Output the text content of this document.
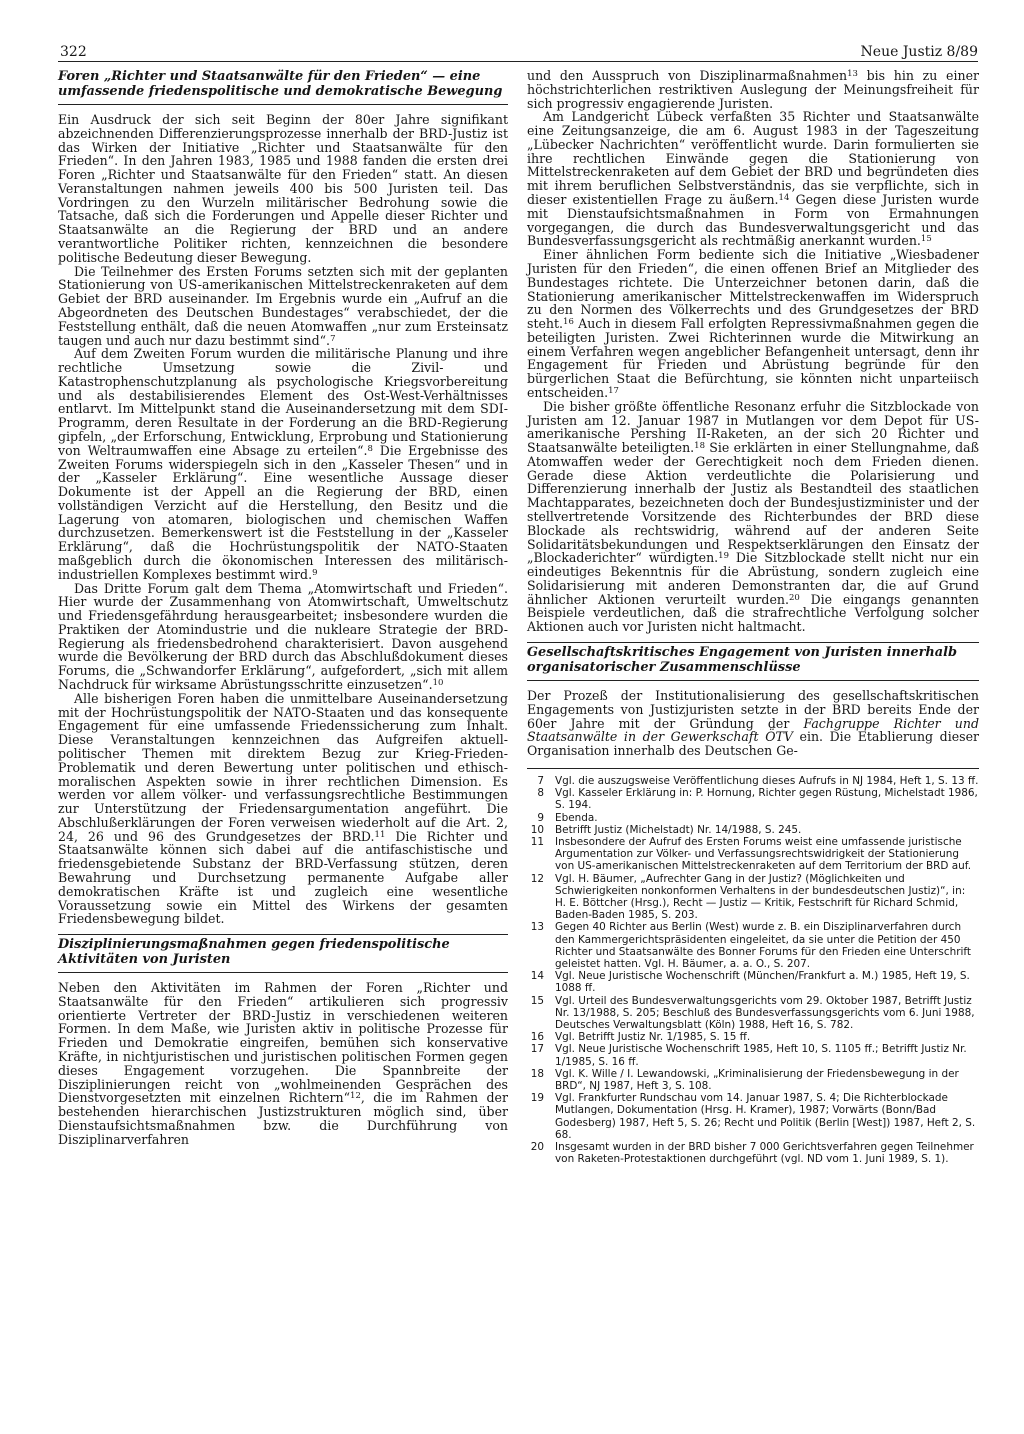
322	Neue Justiz 8/89
Foren „Richter und Staatsanwälte für den Frieden“ — eine umfassende friedenspolitische und demokratische Bewegung

Ein Ausdruck der sich seit Beginn der 80er Jahre signifikant abzeichnenden Differenzierungsprozesse innerhalb der BRD-Justiz ist das Wirken der Initiative „Richter und Staatsanwälte für den Frieden“. In den Jahren 1983, 1985 und 1988 fanden die ersten drei Foren „Richter und Staatsanwälte für den Frieden“ statt. An diesen Veranstaltungen nahmen jeweils 400 bis 500 Juristen teil. Das Vordringen zu den Wurzeln militärischer Bedrohung sowie die Tatsache, daß sich die Forderungen und Appelle dieser Richter und Staatsanwälte an die Regierung der BRD und an andere verantwortliche Politiker richten, kennzeichnen die besondere politische Bedeutung dieser Bewegung.

Die Teilnehmer des Ersten Forums setzten sich mit der geplanten Stationierung von US-amerikanischen Mittelstreckenraketen auf dem Gebiet der BRD auseinander. Im Ergebnis wurde ein „Aufruf an die Abgeordneten des Deutschen Bundestages“ verabschiedet, der die Feststellung enthält, daß die neuen Atomwaffen „nur zum Ersteinsatz taugen und auch nur dazu bestimmt sind“.$^7$

Auf dem Zweiten Forum wurden die militärische Planung und ihre rechtliche Umsetzung sowie die Zivil- und Katastrophenschutzplanung als psychologische Kriegsvorbereitung und als destabilisierendes Element des Ost-West-Verhältnisses entlarvt. Im Mittelpunkt stand die Auseinandersetzung mit dem SDI-Programm, deren Resultate in der Forderung an die BRD-Regierung gipfeln, „der Erforschung, Entwicklung, Erprobung und Stationierung von Weltraumwaffen eine Absage zu erteilen“.$^8$ Die Ergebnisse des Zweiten Forums widerspiegeln sich in den „Kasseler Thesen“ und in der „Kasseler Erklärung“. Eine wesentliche Aussage dieser Dokumente ist der Appell an die Regierung der BRD, einen vollständigen Verzicht auf die Herstellung, den Besitz und die Lagerung von atomaren, biologischen und chemischen Waffen durchzusetzen. Bemerkenswert ist die Feststellung in der „Kasseler Erklärung“, daß die Hochrüstungspolitik der NATO-Staaten maßgeblich durch die ökonomischen Interessen des militärisch-industriellen Komplexes bestimmt wird.$^9$

Das Dritte Forum galt dem Thema „Atomwirtschaft und Frieden“. Hier wurde der Zusammenhang von Atomwirtschaft, Umweltschutz und Friedensgefährdung herausgearbeitet; insbesondere wurden die Praktiken der Atomindustrie und die nukleare Strategie der BRD-Regierung als friedensbedrohend charakterisiert. Davon ausgehend wurde die Bevölkerung der BRD durch das Abschlußdokument dieses Forums, die „Schwandorfer Erklärung“, aufgefordert, „sich mit allem Nachdruck für wirksame Abrüstungsschritte einzusetzen“.$^{10}$

Alle bisherigen Foren haben die unmittelbare Auseinandersetzung mit der Hochrüstungspolitik der NATO-Staaten und das konsequente Engagement für eine umfassende Friedenssicherung zum Inhalt. Diese Veranstaltungen kennzeichnen das Aufgreifen aktuell-politischer Themen mit direktem Bezug zur Krieg-Frieden-Problematik und deren Bewertung unter politischen und ethisch-moralischen Aspekten sowie in ihrer rechtlichen Dimension. Es werden vor allem völker- und verfassungsrechtliche Bestimmungen zur Unterstützung der Friedensargumentation angeführt. Die Abschlußerklärungen der Foren verweisen wiederholt auf die Art. 2, 24, 26 und 96 des Grundgesetzes der BRD.$^{11}$ Die Richter und Staatsanwälte können sich dabei auf die antifaschistische und friedensgebietende Substanz der BRD-Verfassung stützen, deren Bewahrung und Durchsetzung permanente Aufgabe aller demokratischen Kräfte ist und zugleich eine wesentliche Voraussetzung sowie ein Mittel des Wirkens der gesamten Friedensbewegung bildet.

Disziplinierungsmaßnahmen gegen friedenspolitische Aktivitäten von Juristen

Neben den Aktivitäten im Rahmen der Foren „Richter und Staatsanwälte für den Frieden“ artikulieren sich progressiv orientierte Vertreter der BRD-Justiz in verschiedenen weiteren Formen. In dem Maße, wie Juristen aktiv in politische Prozesse für Frieden und Demokratie eingreifen, bemühen sich konservative Kräfte, in nichtjuristischen und juristischen politischen Formen gegen dieses Engagement vorzugehen. Die Spannbreite der Disziplinierungen reicht von „wohlmeinenden Gesprächen des Dienstvorgesetzten mit einzelnen Richtern“$^{12}$, die im Rahmen der bestehenden hierarchischen Justizstrukturen möglich sind, über Dienstaufsichtsmaßnahmen bzw. die Durchführung von Disziplinarverfahren

und den Ausspruch von Disziplinarmaßnahmen$^{13}$ bis hin zu einer höchstrichterlichen restriktiven Auslegung der Meinungsfreiheit für sich progressiv engagierende Juristen.

Am Landgericht Lübeck verfaßten 35 Richter und Staatsanwälte eine Zeitungsanzeige, die am 6. August 1983 in der Tageszeitung „Lübecker Nachrichten“ veröffentlicht wurde. Darin formulierten sie ihre rechtlichen Einwände gegen die Stationierung von Mittelstreckenraketen auf dem Gebiet der BRD und begründeten dies mit ihrem beruflichen Selbstverständnis, das sie verpflichte, sich in dieser existentiellen Frage zu äußern.$^{14}$ Gegen diese Juristen wurde mit Dienstaufsichtsmaßnahmen in Form von Ermahnungen vorgegangen, die durch das Bundesverwaltungsgericht und das Bundesverfassungsgericht als rechtmäßig anerkannt wurden.$^{15}$

Einer ähnlichen Form bediente sich die Initiative „Wiesbadener Juristen für den Frieden“, die einen offenen Brief an Mitglieder des Bundestages richtete. Die Unterzeichner betonen darin, daß die Stationierung amerikanischer Mittelstreckenwaffen im Widerspruch zu den Normen des Völkerrechts und des Grundgesetzes der BRD steht.$^{16}$ Auch in diesem Fall erfolgten Repressivmaßnahmen gegen die beteiligten Juristen. Zwei Richterinnen wurde die Mitwirkung an einem Verfahren wegen angeblicher Befangenheit untersagt, denn ihr Engagement für Frieden und Abrüstung begründe für den bürgerlichen Staat die Befürchtung, sie könnten nicht unparteiisch entscheiden.$^{17}$

Die bisher größte öffentliche Resonanz erfuhr die Sitzblockade von Juristen am 12. Januar 1987 in Mutlangen vor dem Depot für US-amerikanische Pershing II-Raketen, an der sich 20 Richter und Staatsanwälte beteiligten.$^{18}$ Sie erklärten in einer Stellungnahme, daß Atomwaffen weder der Gerechtigkeit noch dem Frieden dienen. Gerade diese Aktion verdeutlichte die Polarisierung und Differenzierung innerhalb der Justiz als Bestandteil des staatlichen Machtapparates, bezeichneten doch der Bundesjustizminister und der stellvertretende Vorsitzende des Richterbundes der BRD diese Blockade als rechtswidrig, während auf der anderen Seite Solidaritätsbekundungen und Respektserklärungen den Einsatz der „Blockaderichter“ würdigten.$^{19}$ Die Sitzblockade stellt nicht nur ein eindeutiges Bekenntnis für die Abrüstung, sondern zugleich eine Solidarisierung mit anderen Demonstranten dar, die auf Grund ähnlicher Aktionen verurteilt wurden.$^{20}$ Die eingangs genannten Beispiele verdeutlichen, daß die strafrechtliche Verfolgung solcher Aktionen auch vor Juristen nicht haltmacht.

Gesellschaftskritisches Engagement von Juristen innerhalb organisatorischer Zusammenschlüsse

Der Prozeß der Institutionalisierung des gesellschaftskritischen Engagements von Justizjuristen setzte in der BRD bereits Ende der 60er Jahre mit der Gründung der Fachgruppe Richter und Staatsanwälte in der Gewerkschaft ÖTV ein. Die Etablierung dieser Organisation innerhalb des Deutschen Ge-

7	Vgl. die auszugsweise Veröffentlichung dieses Aufrufs in NJ 1984, Heft 1, S. 13 ff.
8	Vgl. Kasseler Erklärung in: P. Hornung, Richter gegen Rüstung, Michelstadt 1986, S. 194.
9	Ebenda.
10	Betrifft Justiz (Michelstadt) Nr. 14/1988, S. 245.
11	Insbesondere der Aufruf des Ersten Forums weist eine umfassende juristische Argumentation zur Völker- und Verfassungsrechtswidrigkeit der Stationierung von US-amerikanischen Mittelstreckenraketen auf dem Territorium der BRD auf.
12	Vgl. H. Bäumer, „Aufrechter Gang in der Justiz? (Möglichkeiten und Schwierigkeiten nonkonformen Verhaltens in der bundesdeutschen Justiz)“, in: H. E. Böttcher (Hrsg.), Recht — Justiz — Kritik, Festschrift für Richard Schmid, Baden-Baden 1985, S. 203.
13	Gegen 40 Richter aus Berlin (West) wurde z. B. ein Disziplinarverfahren durch den Kammergerichtspräsidenten eingeleitet, da sie unter die Petition der 450 Richter und Staatsanwälte des Bonner Forums für den Frieden eine Unterschrift geleistet hatten. Vgl. H. Bäumer, a. a. O., S. 207.
14	Vgl. Neue Juristische Wochenschrift (München/Frankfurt a. M.) 1985, Heft 19, S. 1088 ff.
15	Vgl. Urteil des Bundesverwaltungsgerichts vom 29. Oktober 1987, Betrifft Justiz Nr. 13/1988, S. 205; Beschluß des Bundesverfassungsgerichts vom 6. Juni 1988, Deutsches Verwaltungsblatt (Köln) 1988, Heft 16, S. 782.
16	Vgl. Betrifft Justiz Nr. 1/1985, S. 15 ff.
17	Vgl. Neue Juristische Wochenschrift 1985, Heft 10, S. 1105 ff.; Betrifft Justiz Nr. 1/1985, S. 16 ff.
18	Vgl. K. Wille / I. Lewandowski, „Kriminalisierung der Friedensbewegung in der BRD“, NJ 1987, Heft 3, S. 108.
19	Vgl. Frankfurter Rundschau vom 14. Januar 1987, S. 4; Die Richterblockade Mutlangen, Dokumentation (Hrsg. H. Kramer), 1987; Vorwärts (Bonn/Bad Godesberg) 1987, Heft 5, S. 26; Recht und Politik (Berlin [West]) 1987, Heft 2, S. 68.
20	Insgesamt wurden in der BRD bisher 7 000 Gerichtsverfahren gegen Teilnehmer von Raketen-Protestaktionen durchgeführt (vgl. ND vom 1. Juni 1989, S. 1).
